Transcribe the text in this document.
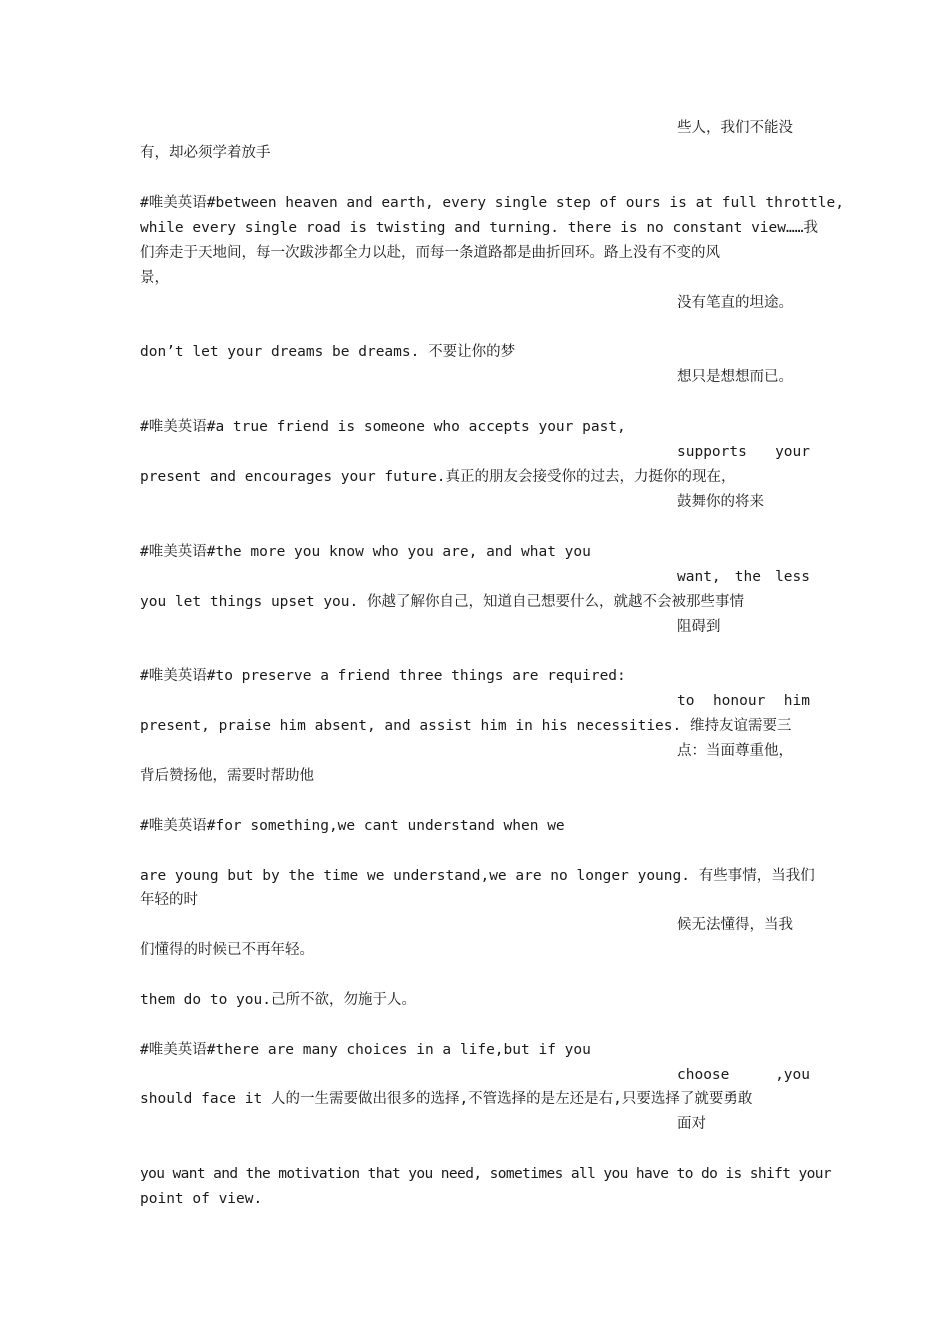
些人，我们不能没
有，却必须学着放手
#唯美英语#between heaven and earth, every single step of ours is at full throttle,
while every single road is twisting and turning. there is no constant view……我
们奔走于天地间，每一次跋涉都全力以赴，而每一条道路都是曲折回环。路上没有不变的风
景，
没有笔直的坦途。
don’t let your dreams be dreams. 不要让你的梦
想只是想想而已。
#唯美英语#a true friend is someone who accepts your past,
supports your
present and encourages your future.真正的朋友会接受你的过去，力挺你的现在，
鼓舞你的将来
#唯美英语#the more you know who you are, and what you
want, the less
you let things upset you. 你越了解你自己，知道自己想要什么，就越不会被那些事情
阻碍到
#唯美英语#to preserve a friend three things are required:
to honour him
present, praise him absent, and assist him in his necessities. 维持友谊需要三
点：当面尊重他，
背后赞扬他，需要时帮助他
#唯美英语#for something,we cant understand when we
are young but by the time we understand,we are no longer young. 有些事情，当我们
年轻的时
候无法懂得，当我
们懂得的时候已不再年轻。
them do to you.己所不欲，勿施于人。
#唯美英语#there are many choices in a life,but if you
choose	,you
should face it 人的一生需要做出很多的选择,不管选择的是左还是右,只要选择了就要勇敢
面对
you want and the motivation that you need, sometimes all you have to do is shift your
point of view.
